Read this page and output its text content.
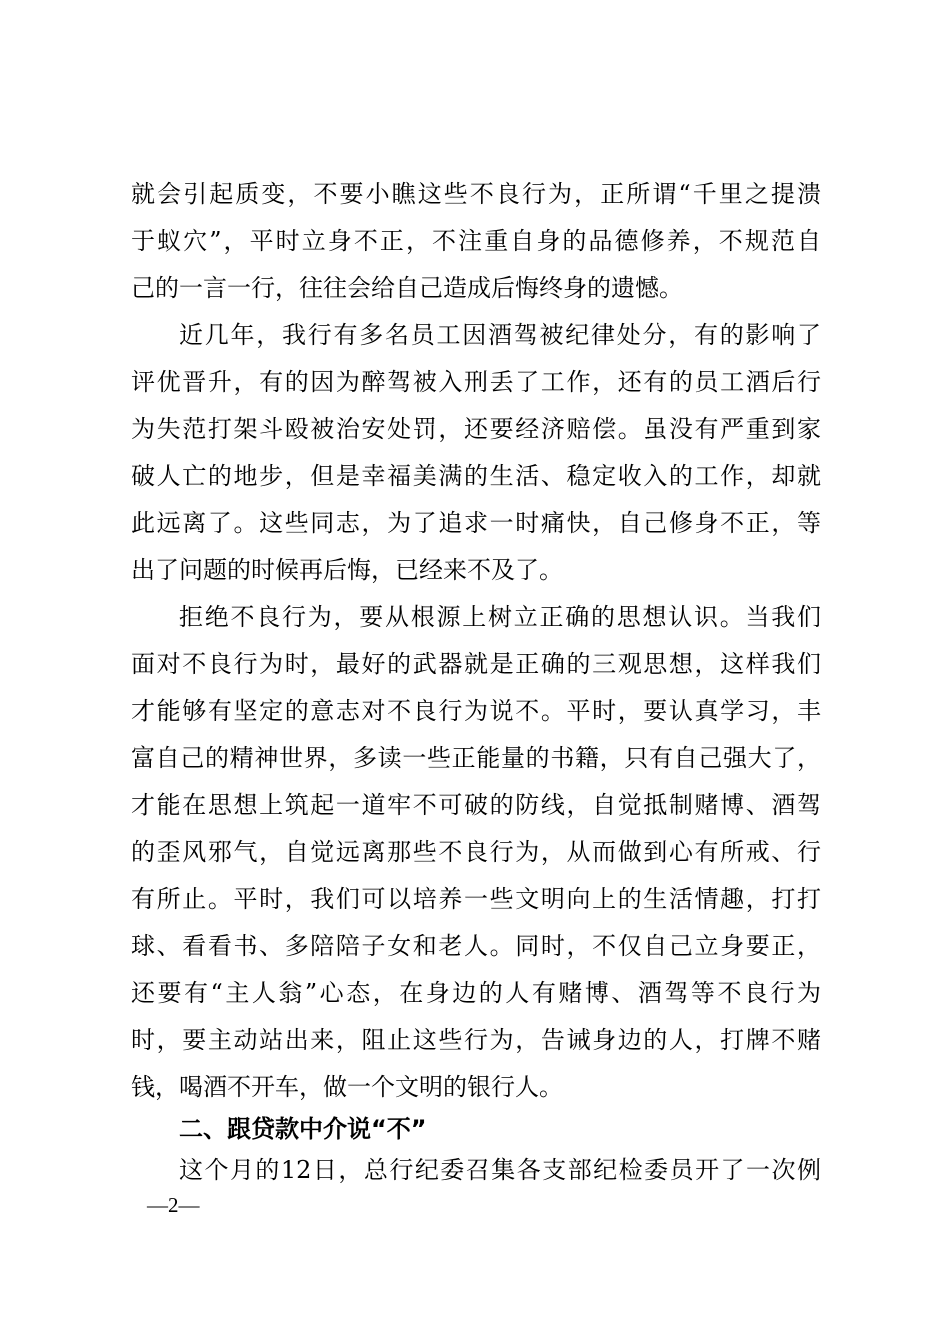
就会引起质变，不要小瞧这些不良行为，正所谓“千里之提溃
于蚁穴”，平时立身不正，不注重自身的品德修养，不规范自
己的一言一行，往往会给自己造成后悔终身的遗憾。
近几年，我行有多名员工因酒驾被纪律处分，有的影响了
评优晋升，有的因为醉驾被入刑丢了工作，还有的员工酒后行
为失范打架斗殴被治安处罚，还要经济赔偿。虽没有严重到家
破人亡的地步，但是幸福美满的生活、稳定收入的工作，却就
此远离了。这些同志，为了追求一时痛快，自己修身不正，等
出了问题的时候再后悔，已经来不及了。
拒绝不良行为，要从根源上树立正确的思想认识。当我们
面对不良行为时，最好的武器就是正确的三观思想，这样我们
才能够有坚定的意志对不良行为说不。平时，要认真学习，丰
富自己的精神世界，多读一些正能量的书籍，只有自己强大了，
才能在思想上筑起一道牢不可破的防线，自觉抵制赌博、酒驾
的歪风邪气，自觉远离那些不良行为，从而做到心有所戒、行
有所止。平时，我们可以培养一些文明向上的生活情趣，打打
球、看看书、多陪陪子女和老人。同时，不仅自己立身要正，
还要有“主人翁”心态，在身边的人有赌博、酒驾等不良行为
时，要主动站出来，阻止这些行为，告诫身边的人，打牌不赌
钱，喝酒不开车，做一个文明的银行人。
二、跟贷款中介说“不”
这个月的12日，总行纪委召集各支部纪检委员开了一次例
—2—
